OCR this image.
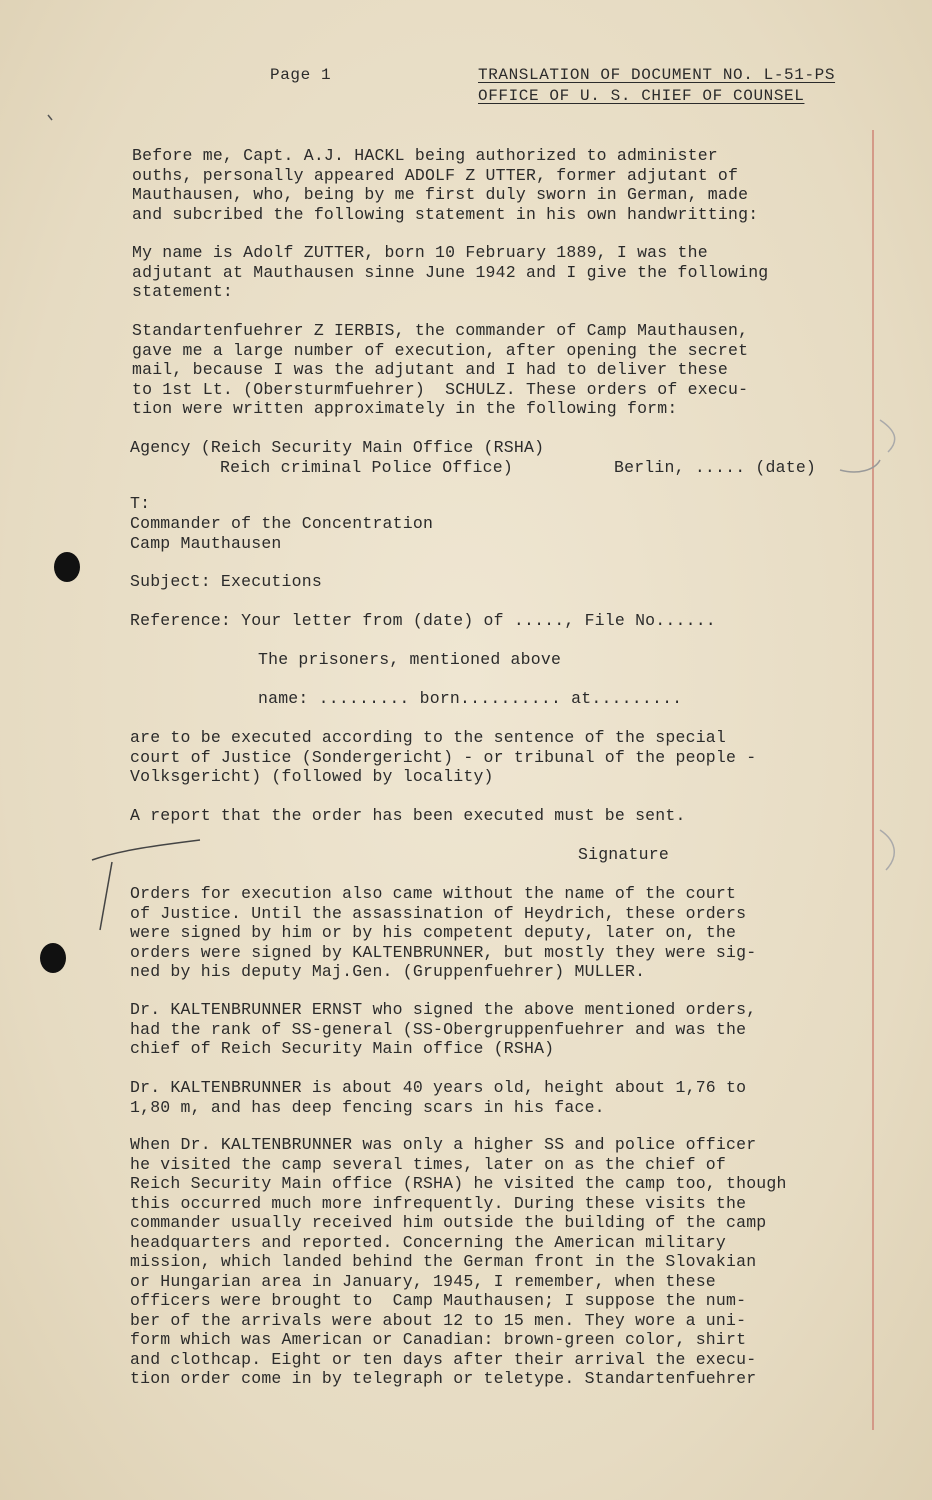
Page 1	TRANSLATION OF DOCUMENT NO. L-51-PS
OFFICE OF U. S. CHIEF OF COUNSEL
Before me, Capt. A.J. HACKL being authorized to administer
ouths, personally appeared ADOLF Z UTTER, former adjutant of
Mauthausen, who, being by me first duly sworn in German, made
and subcribed the following statement in his own handwritting:
My name is Adolf ZUTTER, born 10 February 1889, I was the
adjutant at Mauthausen sinne June 1942 and I give the following
statement:
Standartenfuehrer Z IERBIS, the commander of Camp Mauthausen,
gave me a large number of execution, after opening the secret
mail, because I was the adjutant and I had to deliver these
to 1st Lt. (Obersturmfuehrer)  SCHULZ. These orders of execu-
tion were written approximately in the following form:
Agency (Reich Security Main Office (RSHA)
Reich criminal Police Office)	Berlin, ..... (date)
T:
Commander of the Concentration
Camp Mauthausen
Subject: Executions
Reference: Your letter from (date) of ....., File No......
The prisoners, mentioned above
name: ......... born.......... at.........
are to be executed according to the sentence of the special
court of Justice (Sondergericht) - or tribunal of the people -
Volksgericht) (followed by locality)
A report that the order has been executed must be sent.
Signature
Orders for execution also came without the name of the court
of Justice. Until the assassination of Heydrich, these orders
were signed by him or by his competent deputy, later on, the
orders were signed by KALTENBRUNNER, but mostly they were sig-
ned by his deputy Maj.Gen. (Gruppenfuehrer) MULLER.
Dr. KALTENBRUNNER ERNST who signed the above mentioned orders,
had the rank of SS-general (SS-Obergruppenfuehrer and was the
chief of Reich Security Main office (RSHA)
Dr. KALTENBRUNNER is about 40 years old, height about 1,76 to
1,80 m, and has deep fencing scars in his face.
When Dr. KALTENBRUNNER was only a higher SS and police officer
he visited the camp several times, later on as the chief of
Reich Security Main office (RSHA) he visited the camp too, though
this occurred much more infrequently. During these visits the
commander usually received him outside the building of the camp
headquarters and reported. Concerning the American military
mission, which landed behind the German front in the Slovakian
or Hungarian area in January, 1945, I remember, when these
officers were brought to  Camp Mauthausen; I suppose the num-
ber of the arrivals were about 12 to 15 men. They wore a uni-
form which was American or Canadian: brown-green color, shirt
and clothcap. Eight or ten days after their arrival the execu-
tion order come in by telegraph or teletype. Standartenfuehrer
